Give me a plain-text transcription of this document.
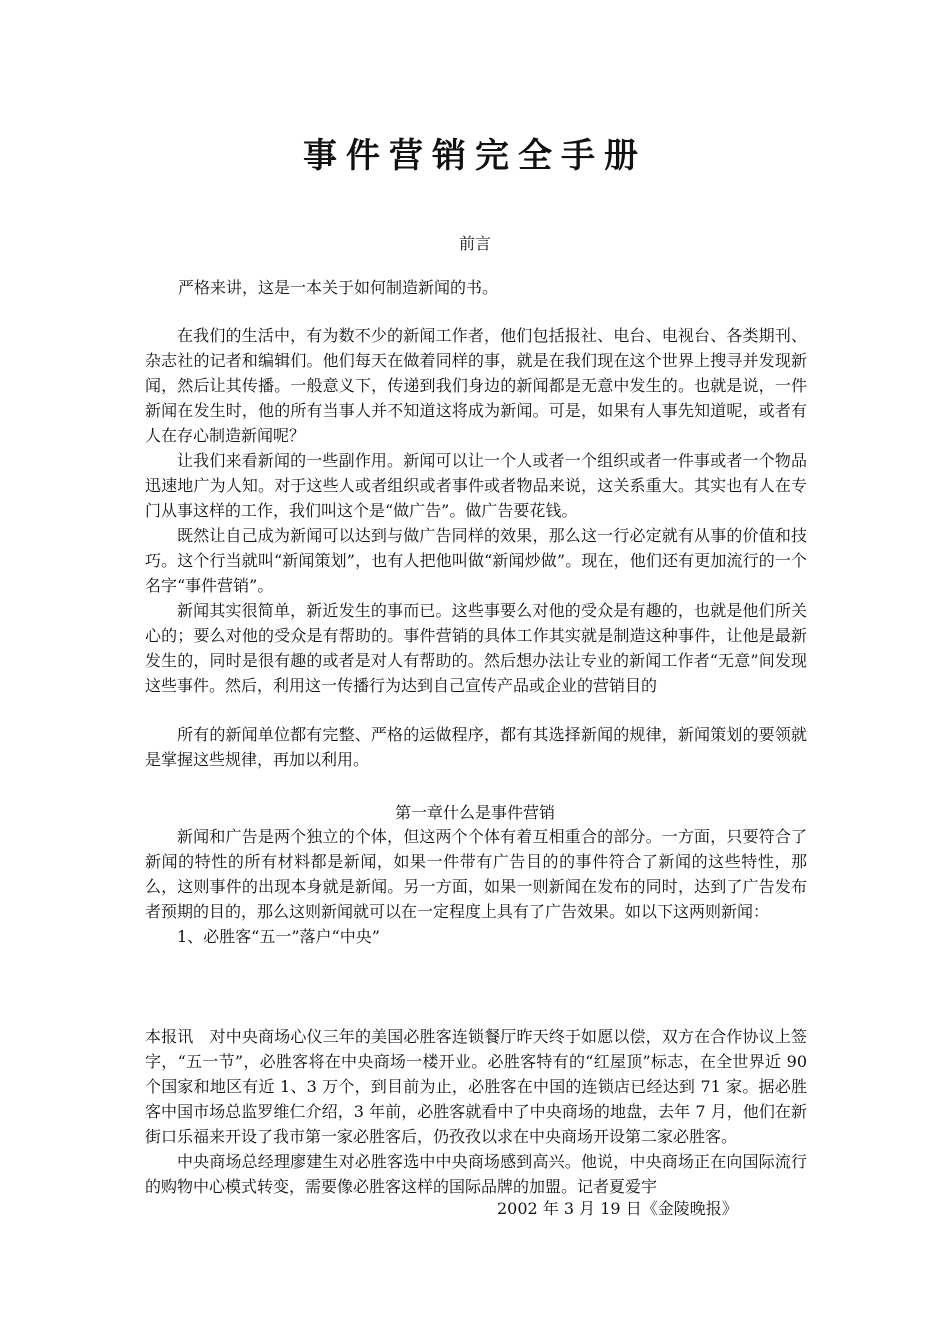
事件营销完全手册
前言
严格来讲，这是一本关于如何制造新闻的书。

在我们的生活中，有为数不少的新闻工作者，他们包括报社、电台、电视台、各类期刊、杂志社的记者和编辑们。他们每天在做着同样的事，就是在我们现在这个世界上搜寻并发现新闻，然后让其传播。一般意义下，传递到我们身边的新闻都是无意中发生的。也就是说，一件新闻在发生时，他的所有当事人并不知道这将成为新闻。可是，如果有人事先知道呢，或者有人在存心制造新闻呢？

让我们来看新闻的一些副作用。新闻可以让一个人或者一个组织或者一件事或者一个物品迅速地广为人知。对于这些人或者组织或者事件或者物品来说，这关系重大。其实也有人在专门从事这样的工作，我们叫这个是“做广告”。做广告要花钱。

既然让自己成为新闻可以达到与做广告同样的效果，那么这一行必定就有从事的价值和技巧。这个行当就叫“新闻策划”，也有人把他叫做“新闻炒做”。现在，他们还有更加流行的一个名字“事件营销”。

新闻其实很简单，新近发生的事而已。这些事要么对他的受众是有趣的，也就是他们所关心的；要么对他的受众是有帮助的。事件营销的具体工作其实就是制造这种事件，让他是最新发生的，同时是很有趣的或者是对人有帮助的。然后想办法让专业的新闻工作者“无意”间发现这些事件。然后，利用这一传播行为达到自己宣传产品或企业的营销目的

所有的新闻单位都有完整、严格的运做程序，都有其选择新闻的规律，新闻策划的要领就是掌握这些规律，再加以利用。

第一章什么是事件营销

新闻和广告是两个独立的个体，但这两个个体有着互相重合的部分。一方面，只要符合了新闻的特性的所有材料都是新闻，如果一件带有广告目的的事件符合了新闻的这些特性，那么，这则事件的出现本身就是新闻。另一方面，如果一则新闻在发布的同时，达到了广告发布者预期的目的，那么这则新闻就可以在一定程度上具有了广告效果。如以下这两则新闻：

1、必胜客“五一”落户“中央”

本报讯　对中央商场心仪三年的美国必胜客连锁餐厅昨天终于如愿以偿，双方在合作协议上签字，“五一节”，必胜客将在中央商场一楼开业。必胜客特有的“红屋顶”标志，在全世界近 90 个国家和地区有近 1、3 万个，到目前为止，必胜客在中国的连锁店已经达到 71 家。据必胜客中国市场总监罗维仁介绍，3 年前，必胜客就看中了中央商场的地盘，去年 7 月，他们在新街口乐福来开设了我市第一家必胜客后，仍孜孜以求在中央商场开设第二家必胜客。

中央商场总经理廖建生对必胜客选中中央商场感到高兴。他说，中央商场正在向国际流行的购物中心模式转变，需要像必胜客这样的国际品牌的加盟。记者夏爱宇

2002 年 3 月 19 日《金陵晚报》
